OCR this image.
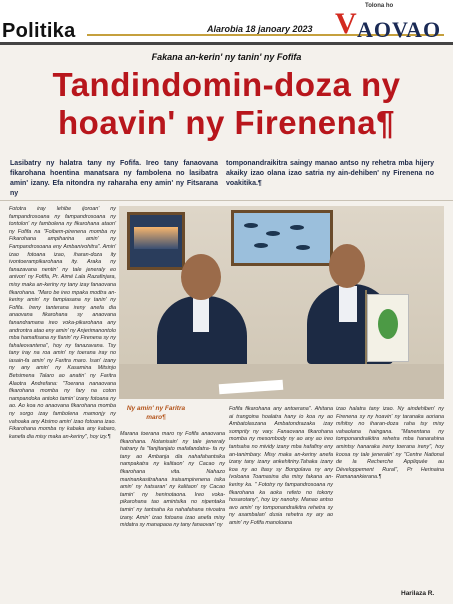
Politika	Alarobia 18 janoary 2023
Tolona ho
V AOVAO
Fakana an-kerin' ny tanin' ny Fofifa
Tandindomin-doza ny
hoavin' ny Firenena¶
Lasibatry ny halatra tany ny Fofifa. Ireo tany fanaovana fikarohana hoentina manatsara ny fambolena no lasibatra amin' izany. Efa nitondra ny raharaha eny amin' ny Fitsarana ny
tomponandraikitra saingy manao antso ny rehetra mba hijery akaiky izao olana izao satria ny ain-dehiben' ny Firenena no voakitika.¶
Fototra iray lehibe ijoroan' ny fampandrosoana ny fampandrosoana ny tontolon' ny fambolena ny fikarohana ataon' ny Fofifa na "Foibem-pirenena momba ny Fikarohana ampiharina amin' ny Fampandrosoana eny Ambanivohitra". Amin' izao fotoana izao, iharan-doza ity ivontoerampikarohana ity. Araka ny fanazavana nentin' ny tale jeneraly eo anivon' ny Fofifa, Pr. Aimé Lala Razafinjara, misy maka an-keriny ny tany izay fanaovana fikarohana. "Maro be ireo mpaka modtra an-keriny amin' ny fampiasana ny tanin' ny Fofifa. Ireny tanterana ireny anefa dia anaovana fikarohana sy anaovana fanandramana ireo voka-pikarohana any androntra atao eny amin' ny Anjerimanontolo mba hamafisana ny fianin' ny Firenena sy ny fahaleovantena", hoy ny fanazavana. Tsy tany iray na roa amin' ny toerana iray no iasain-fa amin' ny Faritra maro. Isan' izany ny any amin' ny Kasamina Mitsinjo Betsimena Talaro ao anatin' ny Faritra Alaotra Andrefana: "Toerana nanaovana fikarohana momba ny fary na coton nampandoka antoko tamin' izany fotoana ny ao. Ao koa no anaovana fikarohana momba ny sorgo izay fambolena mamonjy ny vahoaka any Atsimo amin' izao fotoana izao. Fikarohana momba ny kabaka any kabaro, kanefa dia misy maka an-keriny", hoy izy.¶
Ny amin' ny Faritra maro¶
Marana toerana maro ny Fofifa anaovana fikarohana. Notanisain' ny tale jeneraly hatrany fa "fanjitanjato mafafandatra- fa ny tany ao Ambanja dia nahafahantsika nampakatra ny kalitaon' ny Cacao ny fikarohana vita. Nahazo marinankasitrahana iraisampirenena isika amin' ny hatsaran' ny kalitaon' ny Cacao tamin' ny heninotaona. Ireo voka-pikarohana tao amintsika no nipentaka tamin' ny tantsaha ka nahafahana nivoatra izany. Amin' izao fotoana izao anefa misy midatra sy manapaoa ny tany fanaovan' ny
Fofifa fikarohana any antoerana". Ahitana ai trangoina hoalatra hany io koa ny ao Ambatolaszana Ambatondrazaka izay somprity ny vary. Fanaovana fikarohana momba ny mesombody ny ao any ao ireo tantsaha no mividy izany mba hafafiny eny an-tanimbary. Misy maka an-keriny anefa izany tany izany ankehitriny.Tahaka izany koa ny ao Itasy sy Bongolava ny any Ivoloana Toamasina dia misy fakana an-keriny ka. " Fototry ny fampandrosoana ny fikarohana ka aoka refeto no tokony hosarotany", hoy izy nanohy. Manao antso avo amin' ny tomponandraikitra rehetra sy ny asambalan' dusia rehetra ny ary ao amin' ny Fofifa manoloana
izao halatra tany izao. Ny aindehiben' ny Firenena sy ny hoavin' ny taranaka aoriana mihitsy no iharan-doza raha tsy misy vahaolana haingana. "Manentana ny tomponandraikitra rehetra mba hanarahina amintsy hanaraka ireny toerana ireny", hoy koosa ny tale jeneralin' ny "Centre National de la Recherche Appliquée au Développement Rural", Pr Herinaina Ramanankierana.¶
Harilaza R.
